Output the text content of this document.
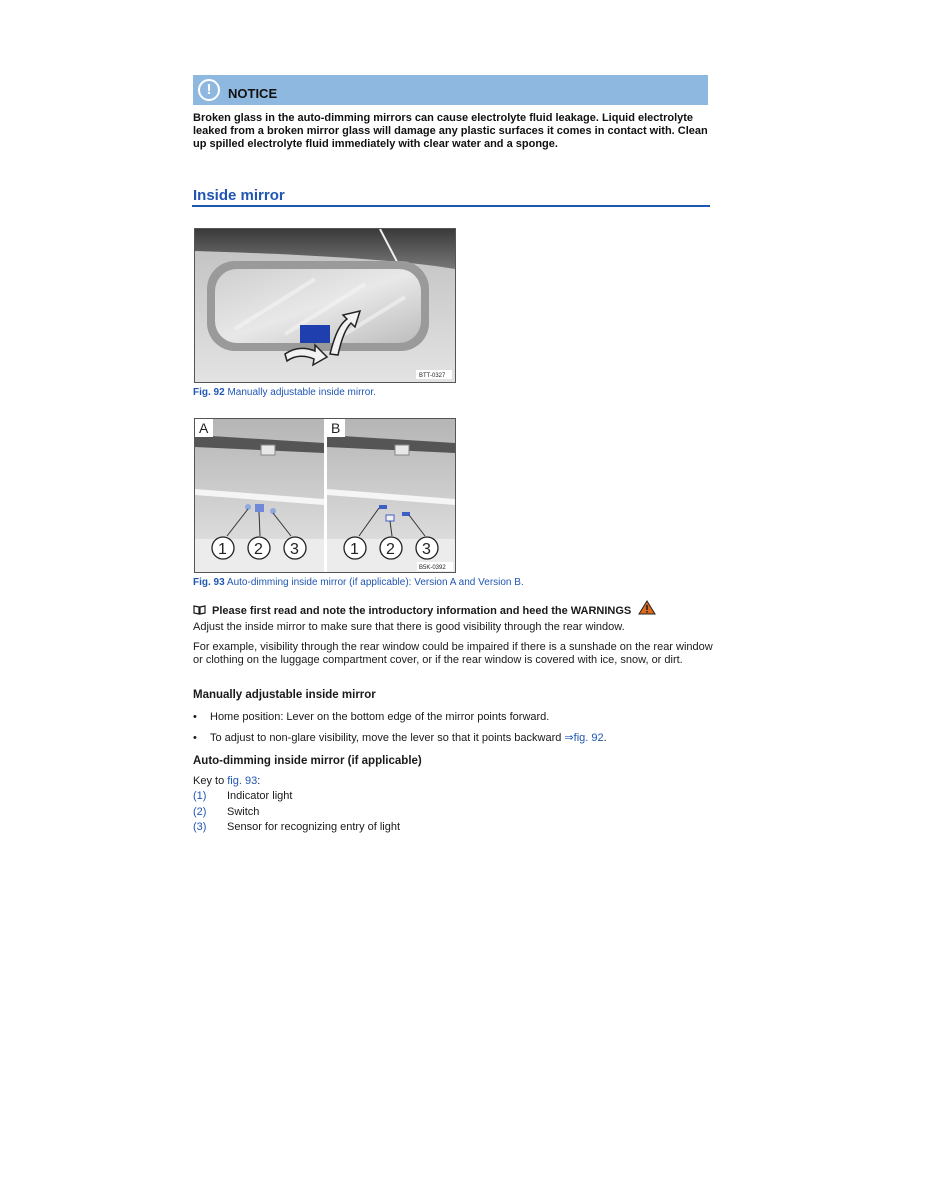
!	NOTICE
Broken glass in the auto-dimming mirrors can cause electrolyte fluid leakage. Liquid electrolyte leaked from a broken mirror glass will damage any plastic surfaces it comes in contact with. Clean up spilled electrolyte fluid immediately with clear water and a sponge.
Inside mirror
BTT-0327
Fig. 92 Manually adjustable inside mirror.
A
1 2 3
B
1 2 3
B5K-0392
Fig. 93 Auto-dimming inside mirror (if applicable): Version A and Version B.
Please first read and note the introductory information and heed the WARNINGS
Adjust the inside mirror to make sure that there is good visibility through the rear window.
For example, visibility through the rear window could be impaired if there is a sunshade on the rear window or clothing on the luggage compartment cover, or if the rear window is covered with ice, snow, or dirt.
Manually adjustable inside mirror
• Home position: Lever on the bottom edge of the mirror points forward.
• To adjust to non-glare visibility, move the lever so that it points backward ⇒fig. 92.
Auto-dimming inside mirror (if applicable)
Key to fig. 93:
(1) Indicator light
(2) Switch
(3) Sensor for recognizing entry of light
